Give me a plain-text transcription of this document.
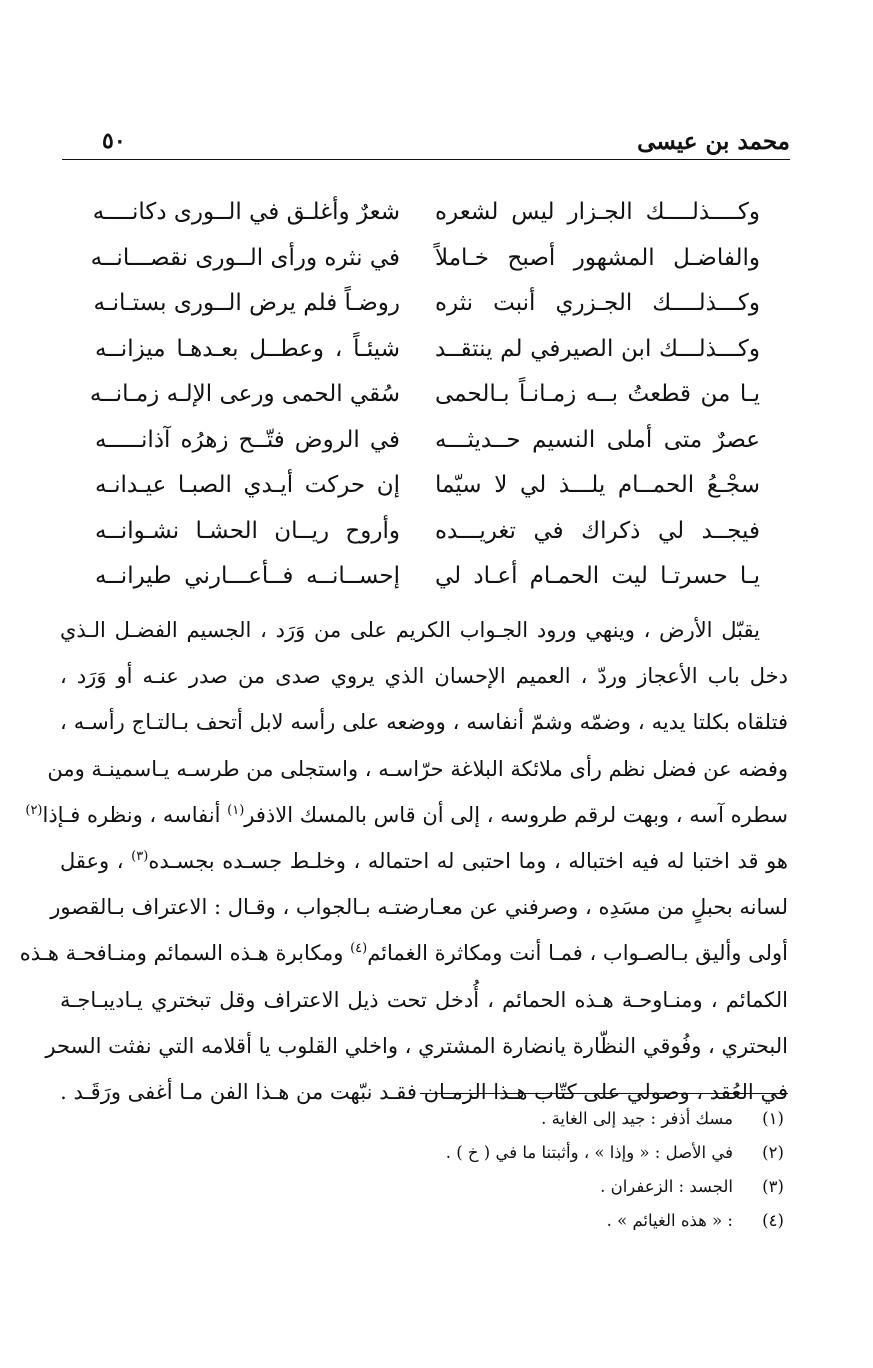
محمد بن عيسى
٥٠
وكــــذلــــك الجـزار ليس لشعره
شعرٌ وأغلـق في الــورى دكانــــه
والفاضـل المشهور أصبح خـاملاً
في نثره ورأى الــورى نقصـــانــه
وكـــذلــــك الجـزري أنبت نثره
روضـاً فلم يرض الــورى بستـانـه
وكـــذلـــك ابن الصيرفي لم ينتقــد
شيئـاً ، وعطــل بعـدهـا ميزانــه
يـا من قطعتُ بــه زمـانـاً بـالحمى
سُقي الحمى ورعى الإلـه زمـانــه
عصرٌ متى أملى النسيم حــديثـــه
في الروض فتّــح زهرُه آذانـــــه
سجْـعُ الحمــام يلـــذ لي لا سيّما
إن حركت أيـدي الصبـا عيـدانـه
فيجــد لي ذكراك في تغريـــده
وأروح ريــان الحشـا نشـوانــه
يـا حسرتـا ليت الحمـام أعـاد لي
إحســانــه فــأعـــارني طيرانــه
يقبّل الأرض ، وينهي ورود الجـواب الكريم على من وَرَد ، الجسيم الفضـل الـذي
دخل باب الأعجاز وردّ ، العميم الإحسان الذي يروي صدى من صدر عنـه أو وَرَد ،
فتلقاه بكلتا يديه ، وضمّه وشمّ أنفاسه ، ووضعه على رأسه لابل أتحف بـالتـاج رأسـه ،
وفضه عن فضل نظم رأى ملائكة البلاغة حرّاسـه ، واستجلى من طرسـه يـاسمينـة ومن
سطره آسه ، وبهت لرقم طروسه ، إلى أن قاس بالمسك الاذفر$^{(١)}$ أنفاسه ، ونظره فـإذا$^{(٢)}$
هو قد اختبا له فيه اختباله ، وما احتبى له احتماله ، وخلـط جسـده بجسـده$^{(٣)}$ ، وعقل
لسانه بحبلٍ من مسَدِه ، وصرفني عن معـارضتـه بـالجواب ، وقـال : الاعتراف بـالقصور
أولى وأليق بـالصـواب ، فمـا أنت ومكاثرة الغمائم$^{(٤)}$ ومكابرة هـذه السمائم ومنـافحـة هـذه
الكمائم ، ومنـاوحـة هـذه الحمائم ، أُدخل تحت ذيل الاعتراف وقل تبختري يـاديبـاجـة
البحتري ، وفُوقي النظّارة يانضارة المشتري ، واخلي القلوب يا أقلامه التي نفثت السحر
في العُقد ، وصولي على كتّاب هـذا الزمـان فقـد نبّهت من هـذا الفن مـا أغفى ورَقَـد .
(١)
مسك أذفر : جيد إلى الغاية .
(٢)
في الأصل : « وإذا » ، وأثبتنا ما في ( خ ) .
(٣)
الجسد : الزعفران .
(٤)
: « هذه الغيائم » .
